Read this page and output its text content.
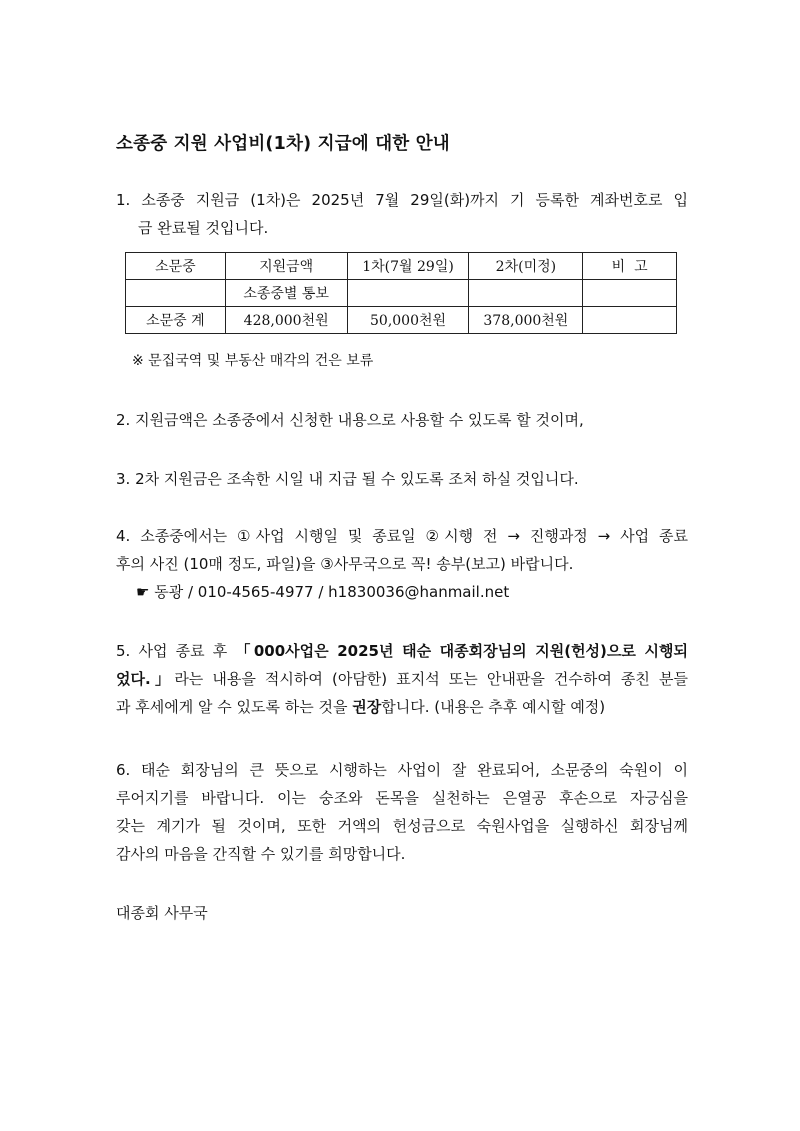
소종중 지원 사업비(1차) 지급에 대한 안내
1. 소종중 지원금 (1차)은 2025년 7월 29일(화)까지 기 등록한 계좌번호로 입
금 완료될 것입니다.
소문중	지원금액	1차(7월 29일)	2차(미정)	비  고
	소종중별 통보			
소문중 계	428,000천원	50,000천원	378,000천원	
※ 문집국역 및 부동산 매각의 건은 보류
2. 지원금액은 소종중에서 신청한 내용으로 사용할 수 있도록 할 것이며,
3. 2차 지원금은 조속한 시일 내 지급 될 수 있도록 조처 하실 것입니다.
4. 소종중에서는 ①사업 시행일 및 종료일 ②시행 전 → 진행과정 → 사업 종료
후의 사진 (10매 정도, 파일)을 ③사무국으로 꼭! 송부(보고) 바랍니다.
☛ 동광 / 010-4565-4977 / h1830036@hanmail.net
5. 사업 종료 후 「000사업은 2025년 태순 대종회장님의 지원(헌성)으로 시행되
었다.」라는 내용을 적시하여 (아담한) 표지석 또는 안내판을 건수하여 종친 분들
과 후세에게 알 수 있도록 하는 것을 권장합니다. (내용은 추후 예시할 예정)
6. 태순 회장님의 큰 뜻으로 시행하는 사업이 잘 완료되어, 소문중의 숙원이 이
루어지기를 바랍니다. 이는 숭조와 돈목을 실천하는 은열공 후손으로 자긍심을
갖는 계기가 될 것이며, 또한 거액의 헌성금으로 숙원사업을 실행하신 회장님께
감사의 마음을 간직할 수 있기를 희망합니다.
대종회 사무국
